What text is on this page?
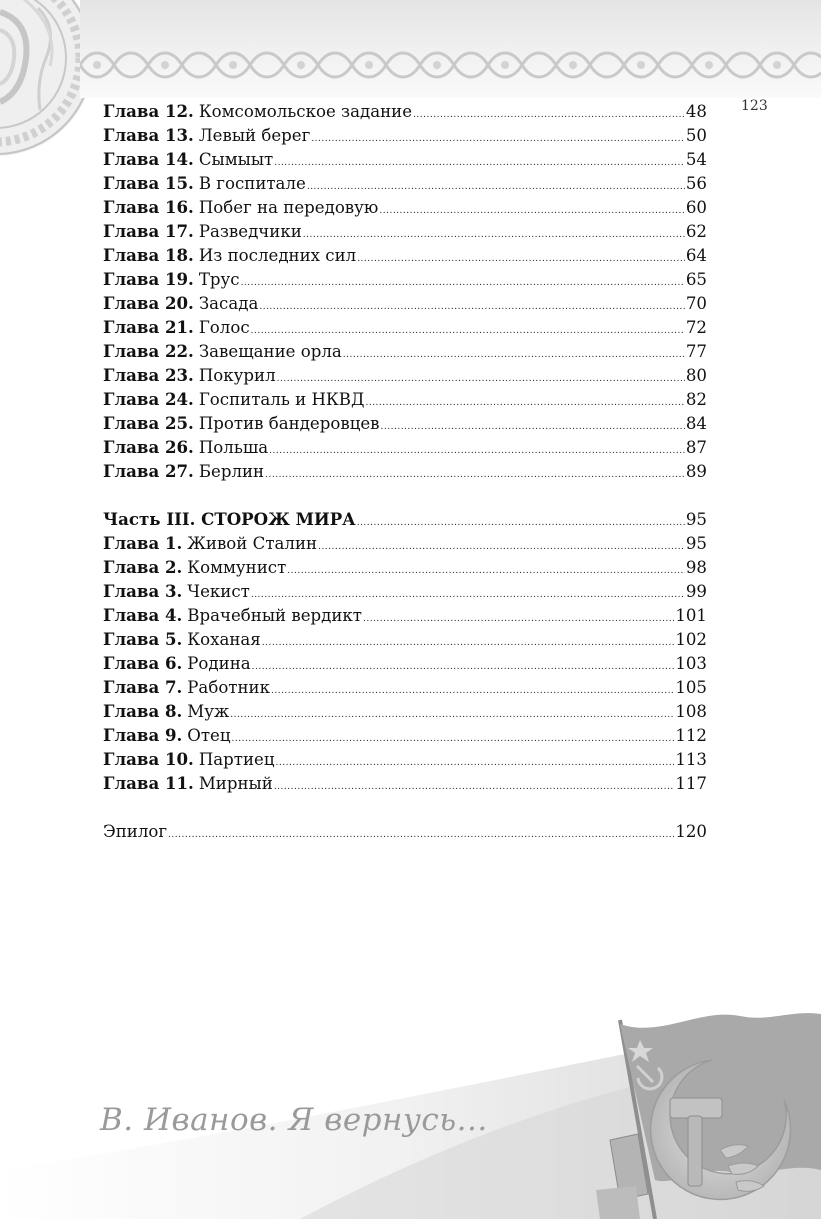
123
Глава 12. Комсомольское задание .....	48
Глава 13. Левый берег .....	50
Глава 14. Сымыыт .....	54
Глава 15. В госпитале .....	56
Глава 16. Побег на передовую .....	60
Глава 17. Разведчики .....	62
Глава 18. Из последних сил .....	64
Глава 19. Трус .....	65
Глава 20. Засада .....	70
Глава 21. Голос .....	72
Глава 22. Завещание орла .....	77
Глава 23. Покурил .....	80
Глава 24. Госпиталь и НКВД .....	82
Глава 25. Против бандеровцев .....	84
Глава 26. Польша .....	87
Глава 27. Берлин .....	89
Часть III. СТОРОЖ МИРА .....	95
Глава 1. Живой Сталин .....	95
Глава 2. Коммунист .....	98
Глава 3. Чекист .....	99
Глава 4. Врачебный вердикт .....	101
Глава 5. Коханая .....	102
Глава 6. Родина .....	103
Глава 7. Работник .....	105
Глава 8. Муж .....	108
Глава 9. Отец .....	112
Глава 10. Партиец .....	113
Глава 11. Мирный .....	117
Эпилог .....	120
В. Иванов. Я вернусь...
